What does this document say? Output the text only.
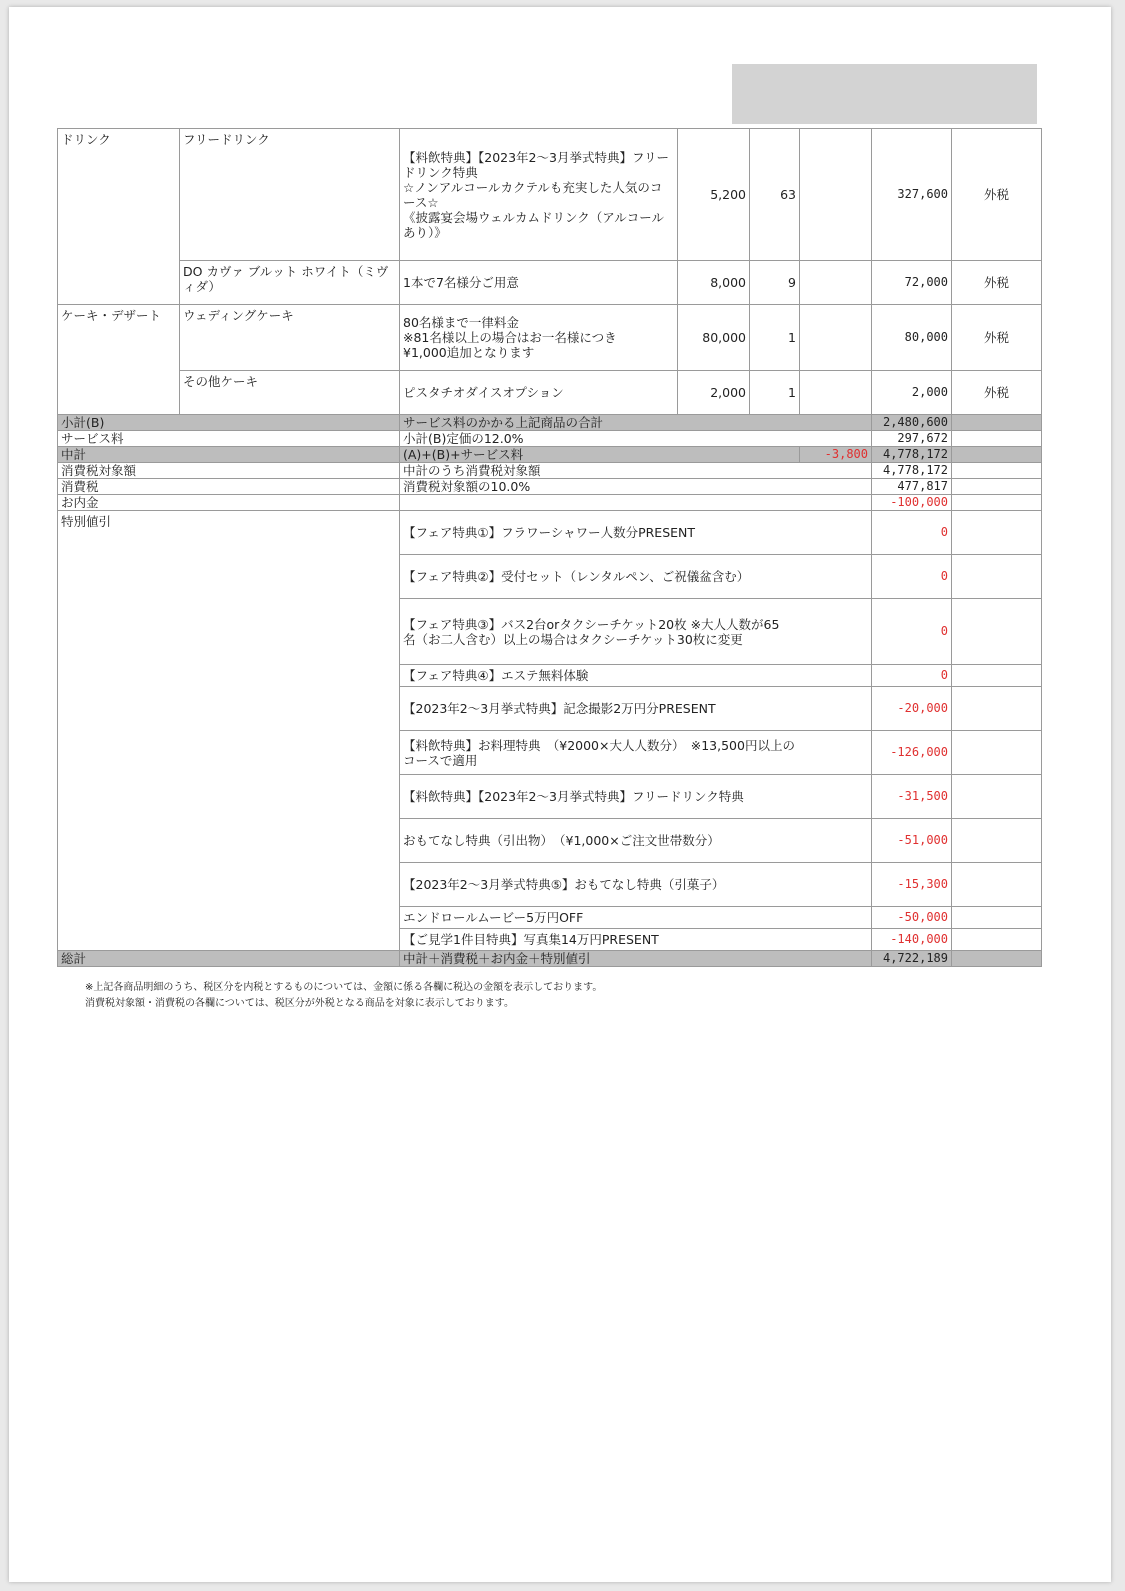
ドリンク	フリードリンク	【料飲特典】【2023年2～3月挙式特典】フリードリンク特典
☆ノンアルコールカクテルも充実した人気のコース☆
《披露宴会場ウェルカムドリンク（アルコールあり）》	5,200	63		327,600	外税
	DO カヴァ ブルット ホワイト（ミヴィダ）	1本で7名様分ご用意	8,000	9		72,000	外税
ケーキ・デザート	ウェディングケーキ	80名様まで一律料金
※81名様以上の場合はお一名様につき
¥1,000追加となります	80,000	1		80,000	外税
	その他ケーキ	ピスタチオダイスオプション	2,000	1		2,000	外税
小計(B)		サービス料のかかる上記商品の合計				2,480,600	
サービス料		小計(B)定価の12.0%				297,672	
中計		(A)+(B)+サービス料			-3,800	4,778,172	
消費税対象額		中計のうち消費税対象額				4,778,172	
消費税		消費税対象額の10.0%				477,817	
お内金						-100,000	
特別値引		【フェア特典①】フラワーシャワー人数分PRESENT				0	
		【フェア特典②】受付セット（レンタルペン、ご祝儀盆含む）				0	

		【フェア特典③】バス2台orタクシーチケット20枚 ※大人人数が65名（お二人含む）以上の場合はタクシーチケット30枚に変更				0	
		【フェア特典④】エステ無料体験				0	
		【2023年2～3月挙式特典】記念撮影2万円分PRESENT				-20,000	

		【料飲特典】お料理特典　（¥2000×大人人数分）　※13,500円以上のコースで適用				-126,000	
		【料飲特典】【2023年2～3月挙式特典】フリードリンク特典				-31,500	
		おもてなし特典（引出物）　（¥1,000×ご注文世帯数分）				-51,000	
		【2023年2～3月挙式特典⑤】おもてなし特典（引菓子）				-15,300	
		エンドロールムービー5万円OFF				-50,000	
		【ご見学1件目特典】写真集14万円PRESENT				-140,000	
総計		中計＋消費税＋お内金＋特別値引				4,722,189	
※上記各商品明細のうち、税区分を内税とするものについては、金額に係る各欄に税込の金額を表示しております。
消費税対象額・消費税の各欄については、税区分が外税となる商品を対象に表示しております。
